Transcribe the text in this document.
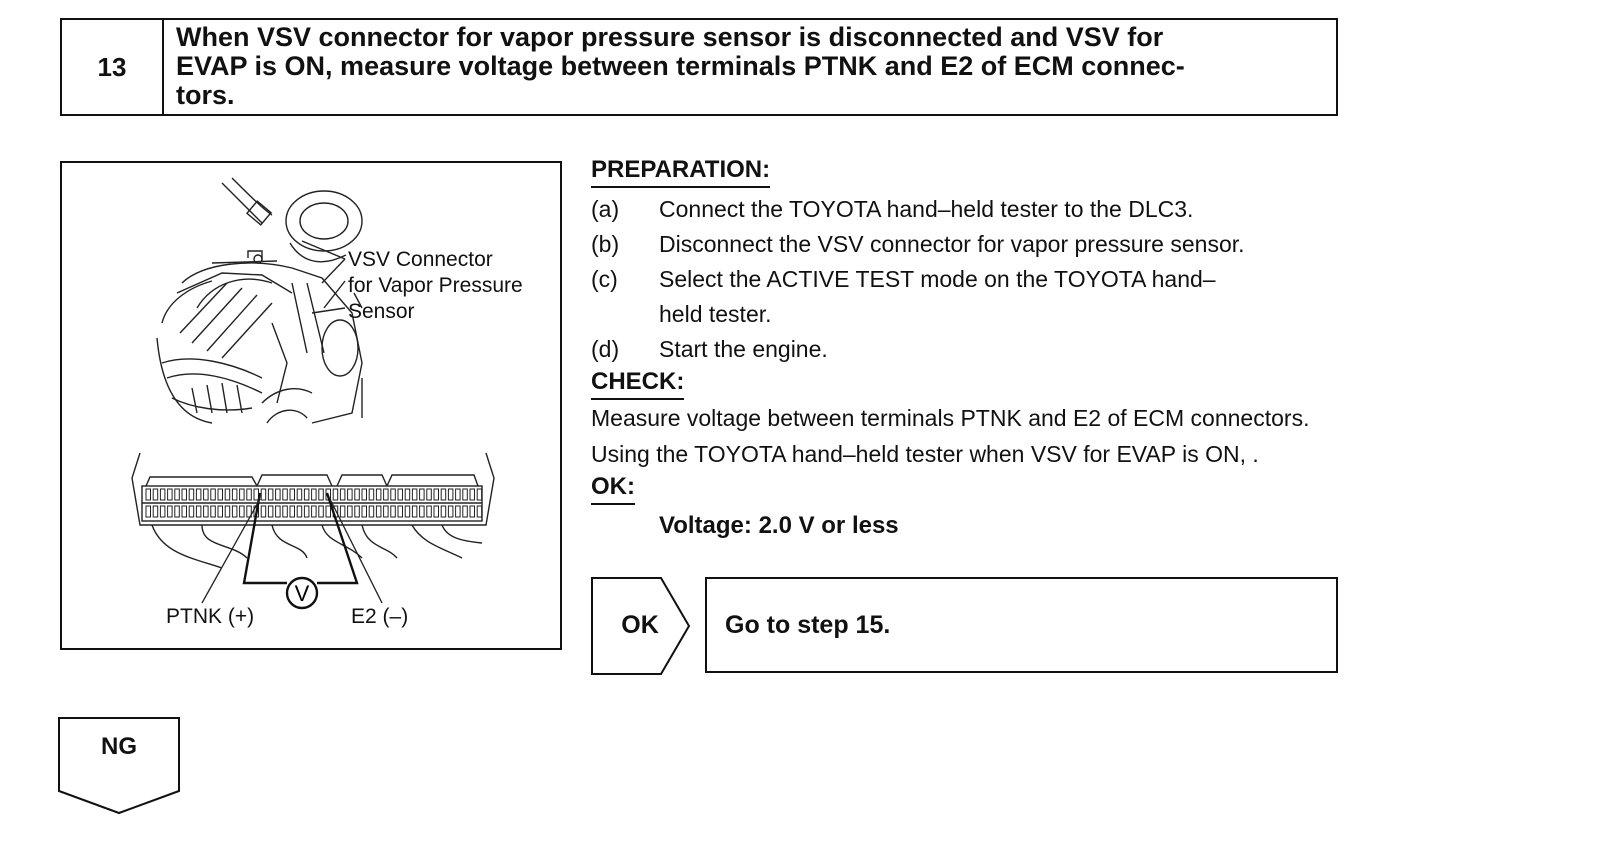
13
When VSV connector for vapor pressure sensor is disconnected and VSV for
EVAP is ON, measure voltage between terminals PTNK and E2 of ECM connec-
tors.
V
VSV Connector
for Vapor Pressure
Sensor
PTNK (+)	E2 (–)
PREPARATION:
(a)	Connect the TOYOTA hand–held tester to the DLC3.
(b)	Disconnect the VSV connector for vapor pressure sensor.
(c)	Select the ACTIVE TEST mode on the TOYOTA hand–held tester.
(d)	Start the engine.
CHECK:
Measure voltage between terminals PTNK and E2 of ECM connectors. Using the TOYOTA hand–held tester when VSV for EVAP is ON, .
OK:
Voltage: 2.0 V or less
OK	Go to step 15.
NG
